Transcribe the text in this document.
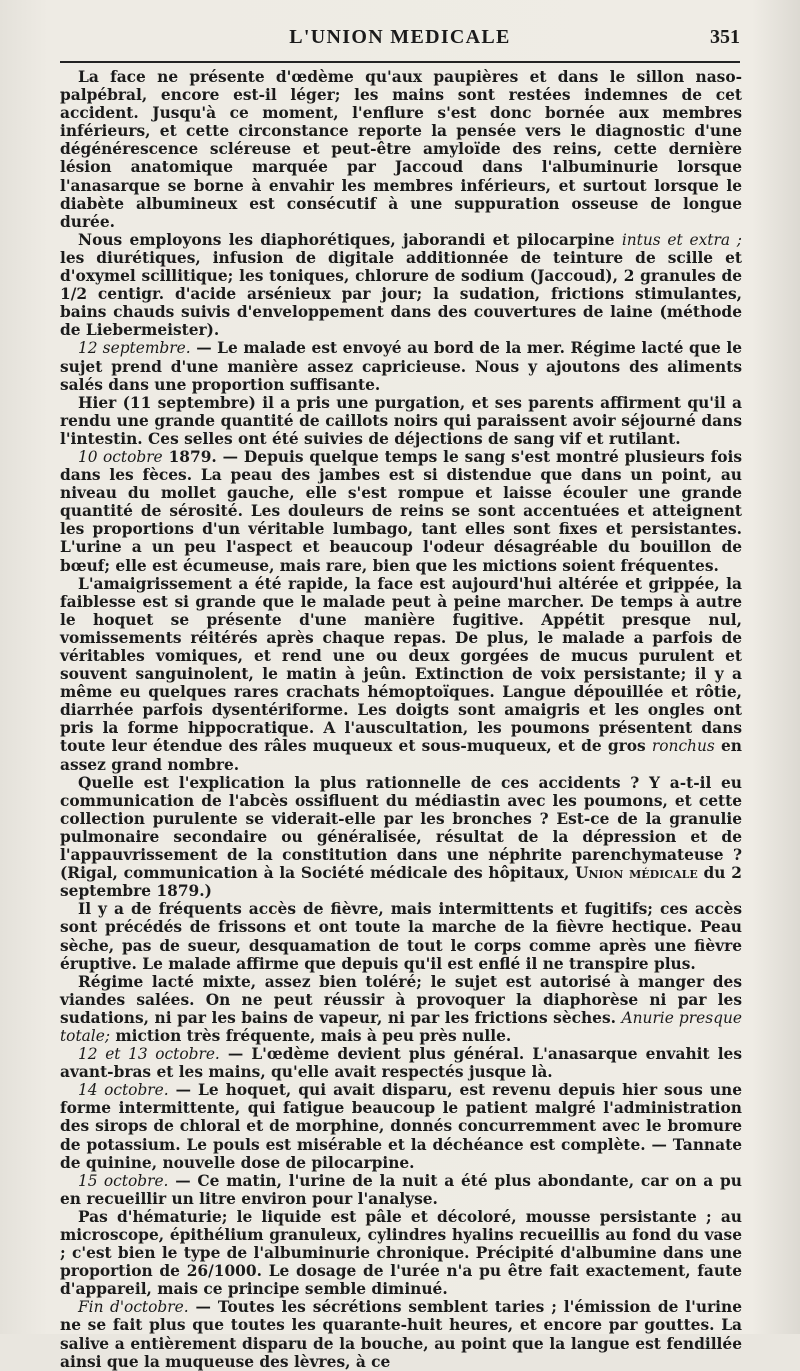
L'UNION MEDICALE	351

La face ne présente d'œdème qu'aux paupières et dans le sillon naso-palpébral, encore est-il léger; les mains sont restées indemnes de cet accident. Jusqu'à ce moment, l'enflure s'est donc bornée aux membres inférieurs, et cette circonstance reporte la pensée vers le diagnostic d'une dégénérescence scléreuse et peut-être amyloïde des reins, cette dernière lésion anatomique marquée par Jaccoud dans l'albuminurie lorsque l'anasarque se borne à envahir les membres inférieurs, et surtout lorsque le diabète albumineux est consécutif à une suppuration osseuse de longue durée.

Nous employons les diaphorétiques, jaborandi et pilocarpine intus et extra ; les diurétiques, infusion de digitale additionnée de teinture de scille et d'oxymel scillitique; les toniques, chlorure de sodium (Jaccoud), 2 granules de 1/2 centigr. d'acide arsénieux par jour; la sudation, frictions stimulantes, bains chauds suivis d'enveloppement dans des couvertures de laine (méthode de Liebermeister).

12 septembre. — Le malade est envoyé au bord de la mer. Régime lacté que le sujet prend d'une manière assez capricieuse. Nous y ajoutons des aliments salés dans une proportion suffisante.

Hier (11 septembre) il a pris une purgation, et ses parents affirment qu'il a rendu une grande quantité de caillots noirs qui paraissent avoir séjourné dans l'intestin. Ces selles ont été suivies de déjections de sang vif et rutilant.

10 octobre 1879. — Depuis quelque temps le sang s'est montré plusieurs fois dans les fèces. La peau des jambes est si distendue que dans un point, au niveau du mollet gauche, elle s'est rompue et laisse écouler une grande quantité de sérosité. Les douleurs de reins se sont accentuées et atteignent les proportions d'un véritable lumbago, tant elles sont fixes et persistantes. L'urine a un peu l'aspect et beaucoup l'odeur désagréable du bouillon de bœuf; elle est écumeuse, mais rare, bien que les mictions soient fréquentes.

L'amaigrissement a été rapide, la face est aujourd'hui altérée et grippée, la faiblesse est si grande que le malade peut à peine marcher. De temps à autre le hoquet se présente d'une manière fugitive. Appétit presque nul, vomissements réitérés après chaque repas. De plus, le malade a parfois de véritables vomiques, et rend une ou deux gorgées de mucus purulent et souvent sanguinolent, le matin à jeûn. Extinction de voix persistante; il y a même eu quelques rares crachats hémoptoïques. Langue dépouillée et rôtie, diarrhée parfois dysentériforme. Les doigts sont amaigris et les ongles ont pris la forme hippocratique. A l'auscultation, les poumons présentent dans toute leur étendue des râles muqueux et sous-muqueux, et de gros ronchus en assez grand nombre.

Quelle est l'explication la plus rationnelle de ces accidents ? Y a-t-il eu communication de l'abcès ossifluent du médiastin avec les poumons, et cette collection purulente se viderait-elle par les bronches ? Est-ce de la granulie pulmonaire secondaire ou généralisée, résultat de la dépression et de l'appauvrissement de la constitution dans une néphrite parenchymateuse ? (Rigal, communication à la Société médicale des hôpitaux, Union médicale du 2 septembre 1879.)

Il y a de fréquents accès de fièvre, mais intermittents et fugitifs; ces accès sont précédés de frissons et ont toute la marche de la fièvre hectique. Peau sèche, pas de sueur, desquamation de tout le corps comme après une fièvre éruptive. Le malade affirme que depuis qu'il est enflé il ne transpire plus.

Régime lacté mixte, assez bien toléré; le sujet est autorisé à manger des viandes salées. On ne peut réussir à provoquer la diaphorèse ni par les sudations, ni par les bains de vapeur, ni par les frictions sèches. Anurie presque totale; miction très fréquente, mais à peu près nulle.

12 et 13 octobre. — L'œdème devient plus général. L'anasarque envahit les avant-bras et les mains, qu'elle avait respectés jusque là.

14 octobre. — Le hoquet, qui avait disparu, est revenu depuis hier sous une forme intermittente, qui fatigue beaucoup le patient malgré l'administration des sirops de chloral et de morphine, donnés concurremment avec le bromure de potassium. Le pouls est misérable et la déchéance est complète. — Tannate de quinine, nouvelle dose de pilocarpine.

15 octobre. — Ce matin, l'urine de la nuit a été plus abondante, car on a pu en recueillir un litre environ pour l'analyse.

Pas d'hématurie; le liquide est pâle et décoloré, mousse persistante ; au microscope, épithélium granuleux, cylindres hyalins recueillis au fond du vase ; c'est bien le type de l'albuminurie chronique. Précipité d'albumine dans une proportion de 26/1000. Le dosage de l'urée n'a pu être fait exactement, faute d'appareil, mais ce principe semble diminué.

Fin d'octobre. — Toutes les sécrétions semblent taries ; l'émission de l'urine ne se fait plus que toutes les quarante-huit heures, et encore par gouttes. La salive a entièrement disparu de la bouche, au point que la langue est fendillée ainsi que la muqueuse des lèvres, à ce
